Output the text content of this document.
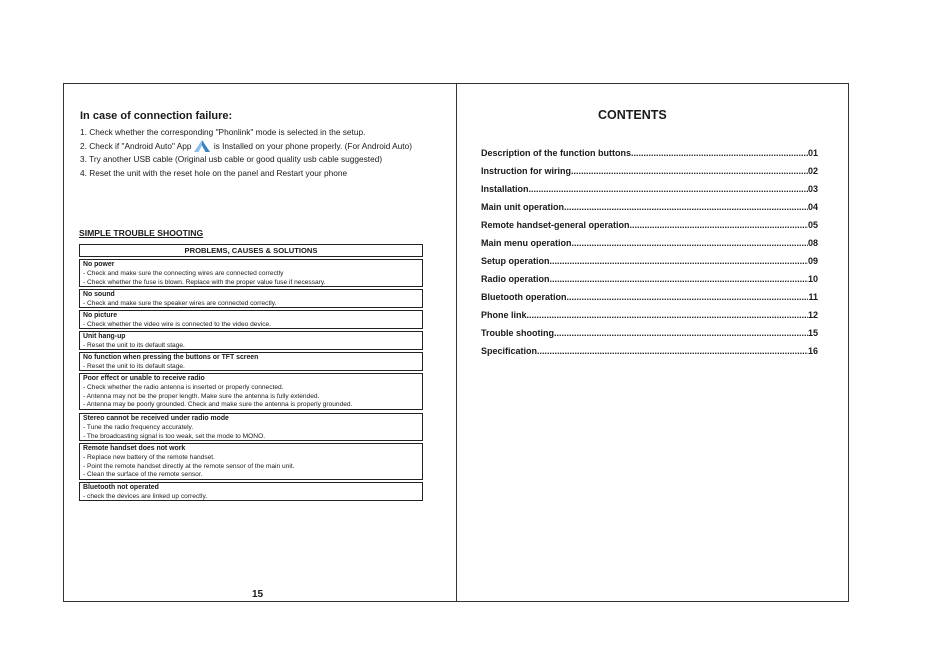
In case of connection failure:
1. Check whether the corresponding "Phonlink" mode is selected in the setup.
2. Check if "Android Auto" App is Installed on your phone properly. (For Android Auto)
3. Try another USB cable (Original usb cable or good quality usb cable suggested)
4. Reset the unit with the reset hole on the panel and Restart your phone
SIMPLE TROUBLE SHOOTING
PROBLEMS, CAUSES & SOLUTIONS
No power
- Check and make sure the connecting wires are connected correctly
- Check whether the fuse is blown. Replace with the proper value fuse if necessary.
No sound
- Check and make sure the speaker wires are connected correctly.
No picture
- Check whether the video wire is connected to the video device.
Unit hang-up
- Reset the unit to its default stage.
No function when pressing the buttons or TFT screen
- Reset the unit to its default stage.
Poor effect or unable to receive radio
- Check whether the radio antenna is inserted or properly connected.
- Antenna may not be the proper length. Make sure the antenna is fully extended.
- Antenna may be poorly grounded. Check and make sure the antenna is properly grounded.
Stereo cannot be received under radio mode
- Tune the radio frequency accurately.
- The broadcasting signal is too weak, set the mode to MONO.
Remote handset does not work
- Replace new battery of the remote handset.
- Point the remote handset directly at the remote sensor of the main unit.
- Clean the surface of the remote sensor.
Bluetooth not operated
- check the devices are linked up correctly.
15
CONTENTS
Description of the function buttons .....	01
Instruction for wiring .....	02
Installation .....	03
Main unit operation .....	04
Remote handset-general operation .....	05
Main menu operation .....	08
Setup operation .....	09
Radio operation .....	10
Bluetooth operation .....	11
Phone link .....	12
Trouble shooting .....	15
Specification .....	16
